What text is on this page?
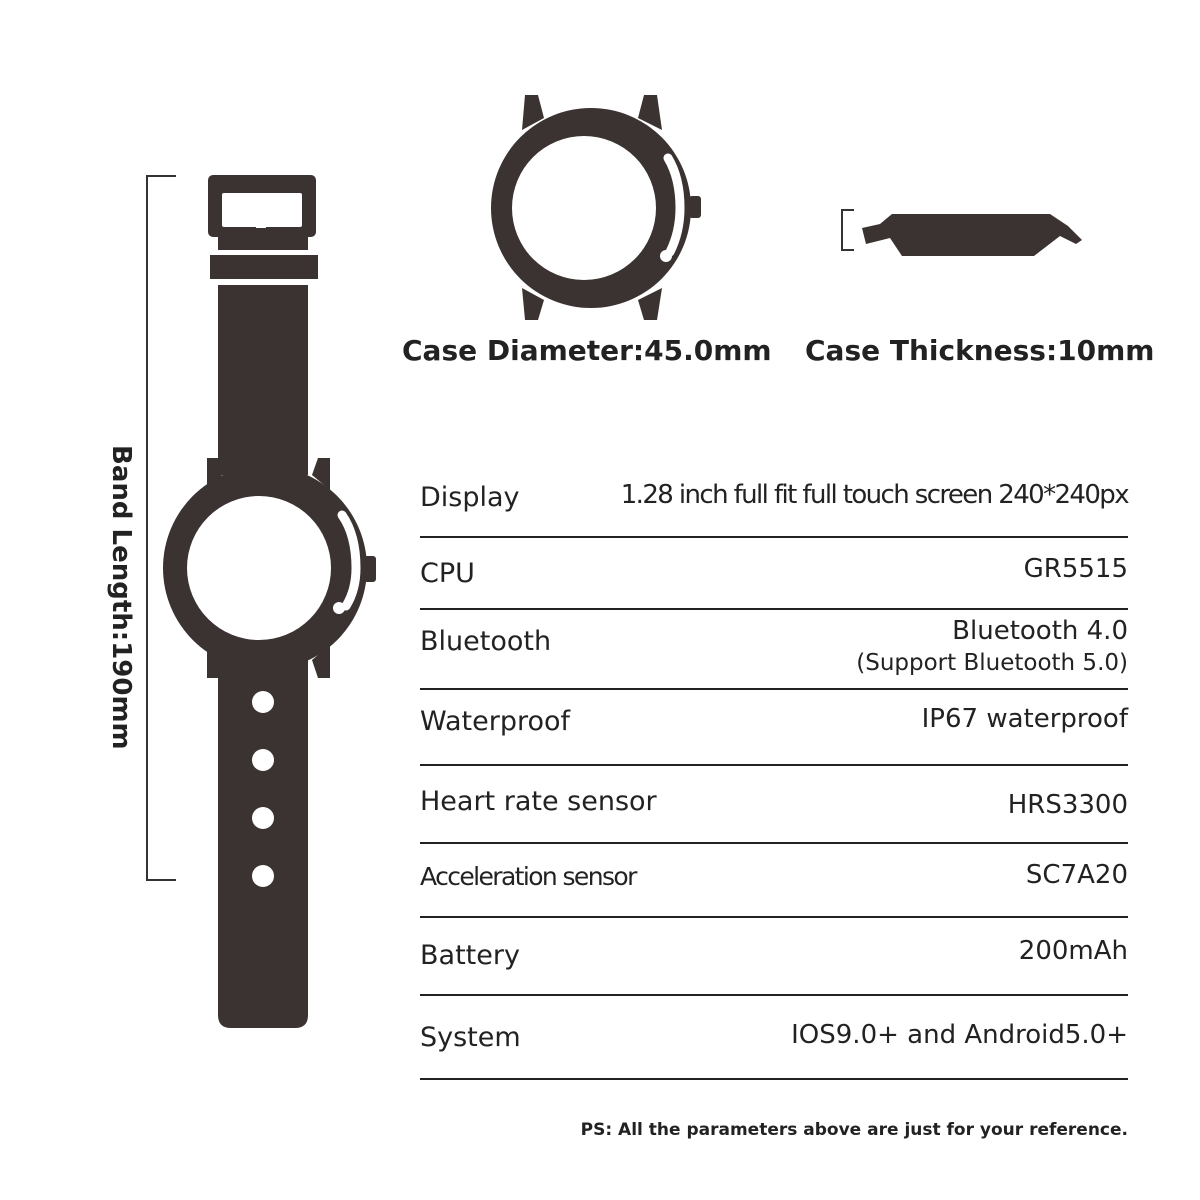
Band Length:190mm
Case Diameter:45.0mm Case Thickness:10mm
Display	1.28 inch full fit full touch screen 240*240px
CPU	GR5515
Bluetooth	Bluetooth 4.0
(Support Bluetooth 5.0)
Waterproof	IP67 waterproof
Heart rate sensor	HRS3300
Acceleration sensor	SC7A20
Battery	200mAh
System	IOS9.0+ and Android5.0+
PS: All the parameters above are just for your reference.
